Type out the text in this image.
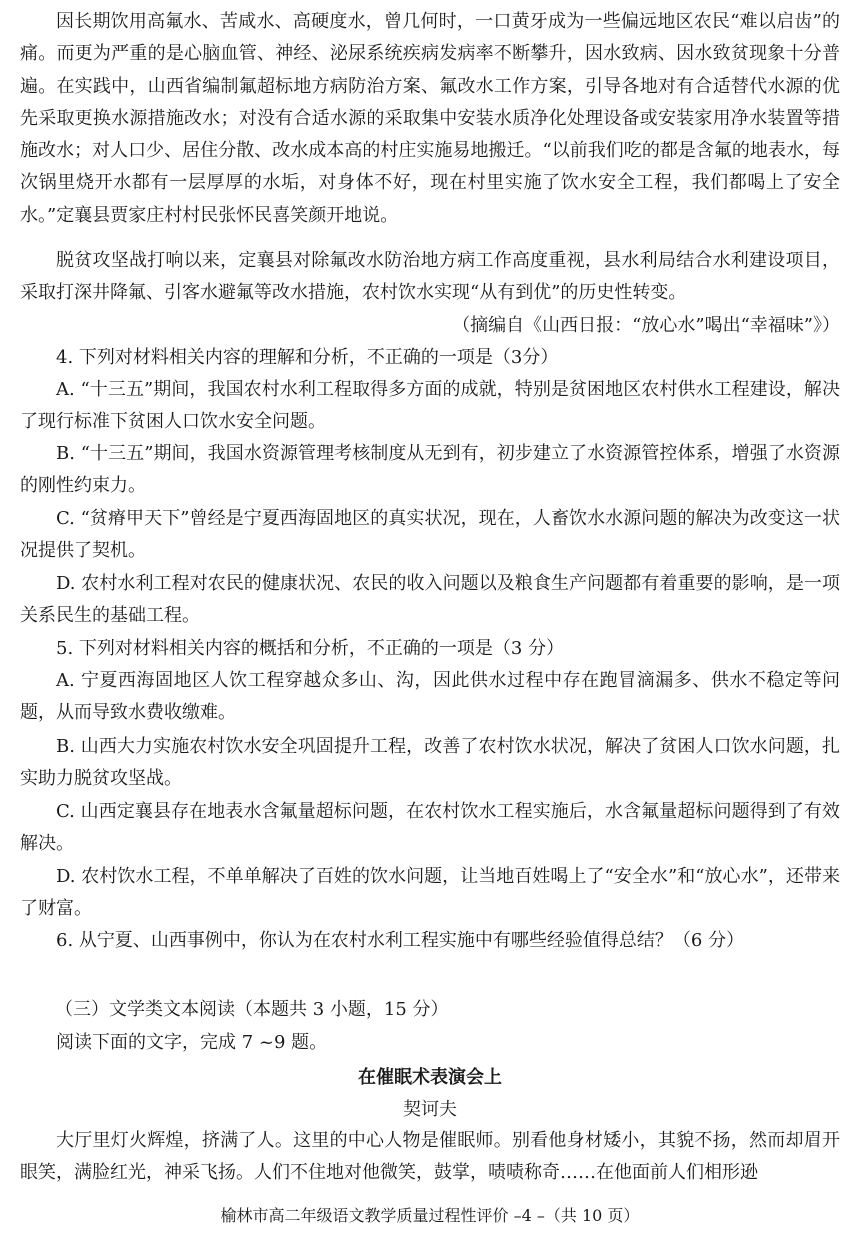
因长期饮用高氟水、苦咸水、高硬度水，曾几何时，一口黄牙成为一些偏远地区农民“难以启齿”的痛。而更为严重的是心脑血管、神经、泌尿系统疾病发病率不断攀升，因水致病、因水致贫现象十分普遍。在实践中，山西省编制氟超标地方病防治方案、氟改水工作方案，引导各地对有合适替代水源的优先采取更换水源措施改水；对没有合适水源的采取集中安装水质净化处理设备或安装家用净水装置等措施改水；对人口少、居住分散、改水成本高的村庄实施易地搬迁。“以前我们吃的都是含氟的地表水，每次锅里烧开水都有一层厚厚的水垢，对身体不好，现在村里实施了饮水安全工程，我们都喝上了安全水。”定襄县贾家庄村村民张怀民喜笑颜开地说。

脱贫攻坚战打响以来，定襄县对除氟改水防治地方病工作高度重视，县水利局结合水利建设项目，采取打深井降氟、引客水避氟等改水措施，农村饮水实现“从有到优”的历史性转变。

（摘编自《山西日报：“放心水”喝出“幸福味”》）

4. 下列对材料相关内容的理解和分析，不正确的一项是（3分）

A. “十三五”期间，我国农村水利工程取得多方面的成就，特别是贫困地区农村供水工程建设，解决了现行标准下贫困人口饮水安全问题。

B. “十三五”期间，我国水资源管理考核制度从无到有，初步建立了水资源管控体系，增强了水资源的刚性约束力。

C. “贫瘠甲天下”曾经是宁夏西海固地区的真实状况，现在，人畜饮水水源问题的解决为改变这一状况提供了契机。

D. 农村水利工程对农民的健康状况、农民的收入问题以及粮食生产问题都有着重要的影响，是一项关系民生的基础工程。

5. 下列对材料相关内容的概括和分析，不正确的一项是（3 分）

A. 宁夏西海固地区人饮工程穿越众多山、沟，因此供水过程中存在跑冒滴漏多、供水不稳定等问题，从而导致水费收缴难。

B. 山西大力实施农村饮水安全巩固提升工程，改善了农村饮水状况，解决了贫困人口饮水问题，扎实助力脱贫攻坚战。

C. 山西定襄县存在地表水含氟量超标问题，在农村饮水工程实施后，水含氟量超标问题得到了有效解决。

D. 农村饮水工程，不单单解决了百姓的饮水问题，让当地百姓喝上了“安全水”和“放心水”，还带来了财富。

6. 从宁夏、山西事例中，你认为在农村水利工程实施中有哪些经验值得总结？（6 分）

（三）文学类文本阅读（本题共 3 小题，15 分）

阅读下面的文字，完成 7 ~9 题。

在催眠术表演会上

契诃夫

大厅里灯火辉煌，挤满了人。这里的中心人物是催眠师。别看他身材矮小，其貌不扬，然而却眉开眼笑，满脸红光，神采飞扬。人们不住地对他微笑，鼓掌，啧啧称奇……在他面前人们相形逊

榆林市高二年级语文教学质量过程性评价 –4 –（共 10 页）
